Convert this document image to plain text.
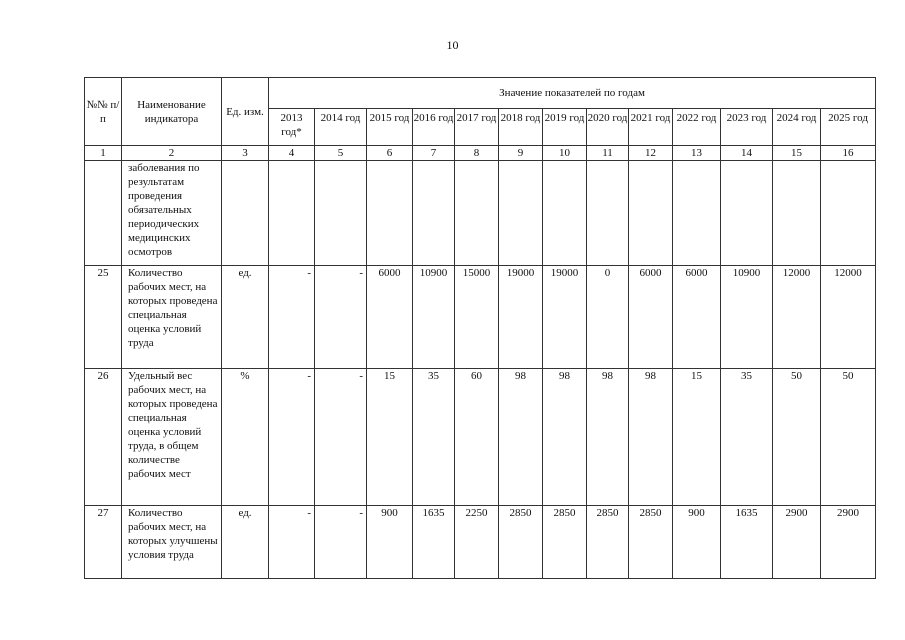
10
№№ п/п	Наименование индикатора	Ед. изм.	Значение показателей по годам												
			2013 год*	2014 год	2015 год	2016 год	2017 год	2018 год	2019 год	2020 год	2021 год	2022 год	2023 год	2024 год	2025 год
1	2	3	4	5	6	7	8	9	10	11	12	13	14	15	16
	заболевания по результатам проведения обязательных периодических медицинских осмотров														
25	Количество рабочих мест, на которых проведена специальная оценка условий труда	ед.	-	-	6000	10900	15000	19000	19000	0	6000	6000	10900	12000	12000
26	Удельный вес рабочих мест, на которых проведена специальная оценка условий труда, в общем количестве рабочих мест	%	-	-	15	35	60	98	98	98	98	15	35	50	50
27	Количество рабочих мест, на которых улучшены условия труда	ед.	-	-	900	1635	2250	2850	2850	2850	2850	900	1635	2900	2900
